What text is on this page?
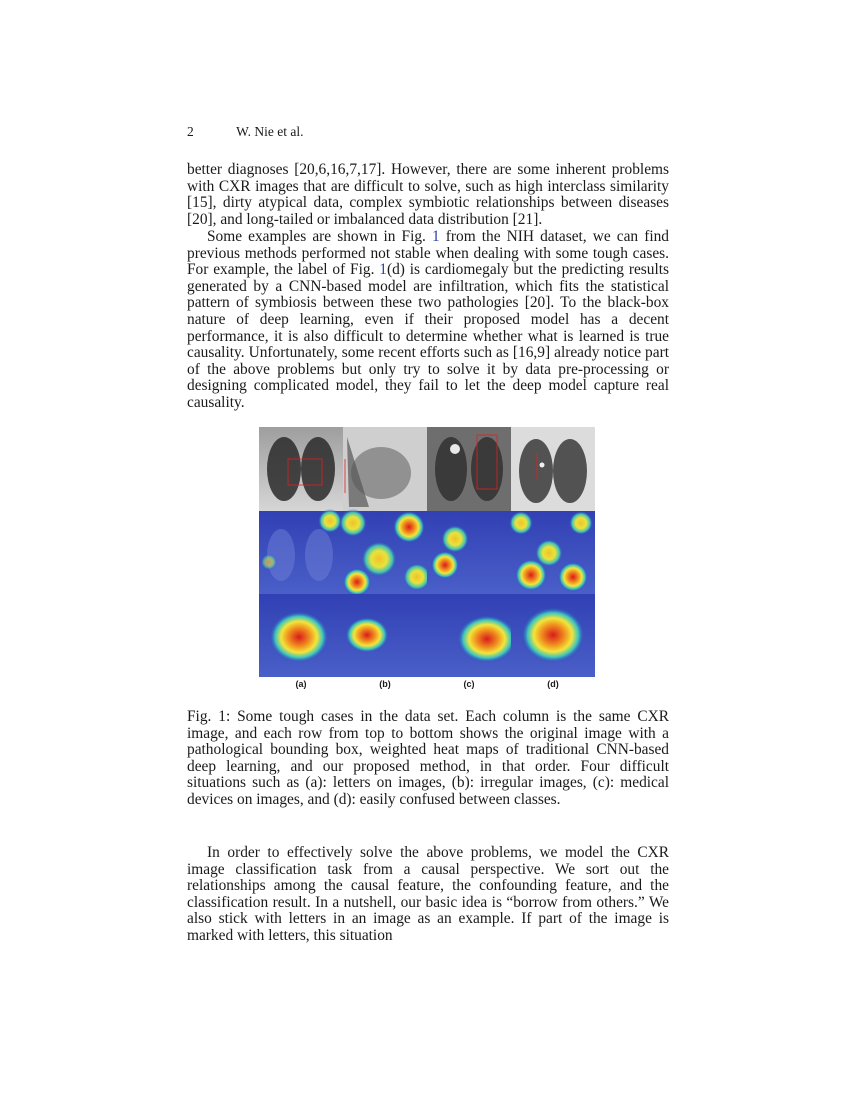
2	W. Nie et al.

better diagnoses [20,6,16,7,17]. However, there are some inherent problems with CXR images that are difficult to solve, such as high interclass similarity [15], dirty atypical data, complex symbiotic relationships between diseases [20], and long-tailed or imbalanced data distribution [21].

Some examples are shown in Fig. 1 from the NIH dataset, we can find previous methods performed not stable when dealing with some tough cases. For example, the label of Fig. 1(d) is cardiomegaly but the predicting results generated by a CNN-based model are infiltration, which fits the statistical pattern of symbiosis between these two pathologies [20]. To the black-box nature of deep learning, even if their proposed model has a decent performance, it is also difficult to determine whether what is learned is true causality. Unfortunately, some recent efforts such as [16,9] already notice part of the above problems but only try to solve it by data pre-processing or designing complicated model, they fail to let the deep model capture real causality.

(a)	(b)	(c)	(d)

Fig. 1: Some tough cases in the data set. Each column is the same CXR image, and each row from top to bottom shows the original image with a pathological bounding box, weighted heat maps of traditional CNN-based deep learning, and our proposed method, in that order. Four difficult situations such as (a): letters on images, (b): irregular images, (c): medical devices on images, and (d): easily confused between classes.

In order to effectively solve the above problems, we model the CXR image classification task from a causal perspective. We sort out the relationships among the causal feature, the confounding feature, and the classification result. In a nutshell, our basic idea is “borrow from others.” We also stick with letters in an image as an example. If part of the image is marked with letters, this situation
